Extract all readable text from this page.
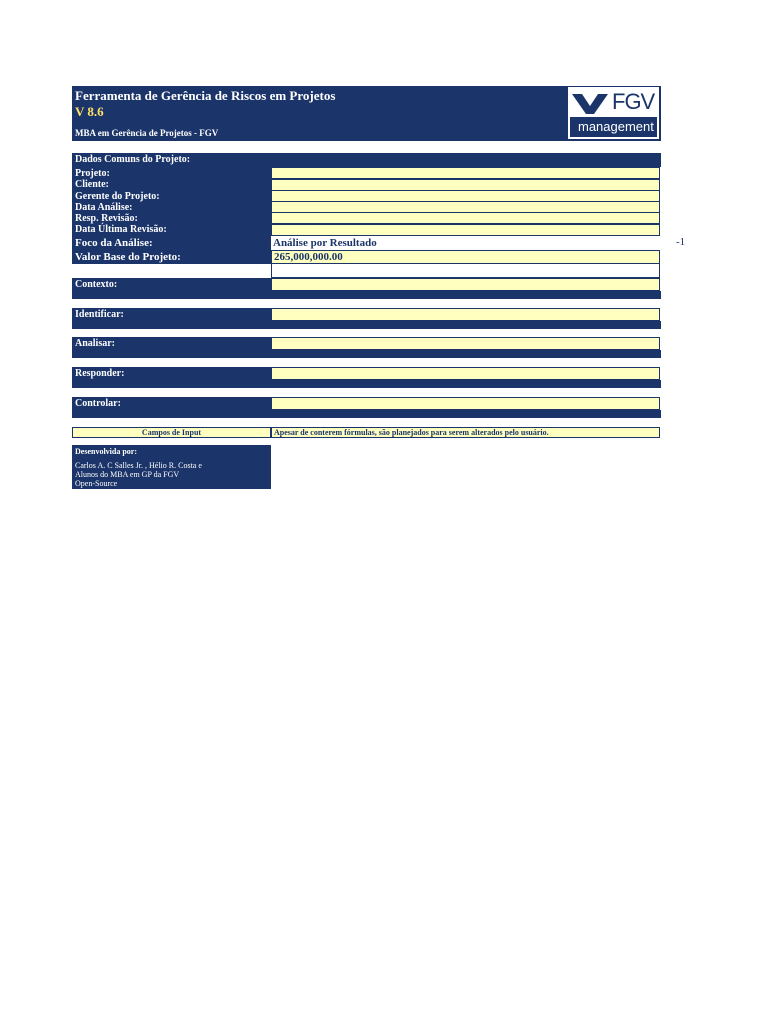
Ferramenta de Gerência de Riscos em Projetos
V 8.6
MBA em Gerência de Projetos - FGV
FGV
management
Dados Comuns do Projeto:
Projeto:
Cliente:
Gerente do Projeto:
Data Análise:
Resp. Revisão:
Data Última Revisão:
Foco da Análise:	Análise por Resultado	-1
Valor Base do Projeto:	265,000,000.00
Contexto:
Identificar:
Analisar:
Responder:
Controlar:
Campos de Input	Apesar de conterem fórmulas, são planejados para serem alterados pelo usuário.
Desenvolvida por:
Carlos A. C Salles Jr. , Hélio R. Costa e
Alunos do MBA em GP da FGV
Open-Source
